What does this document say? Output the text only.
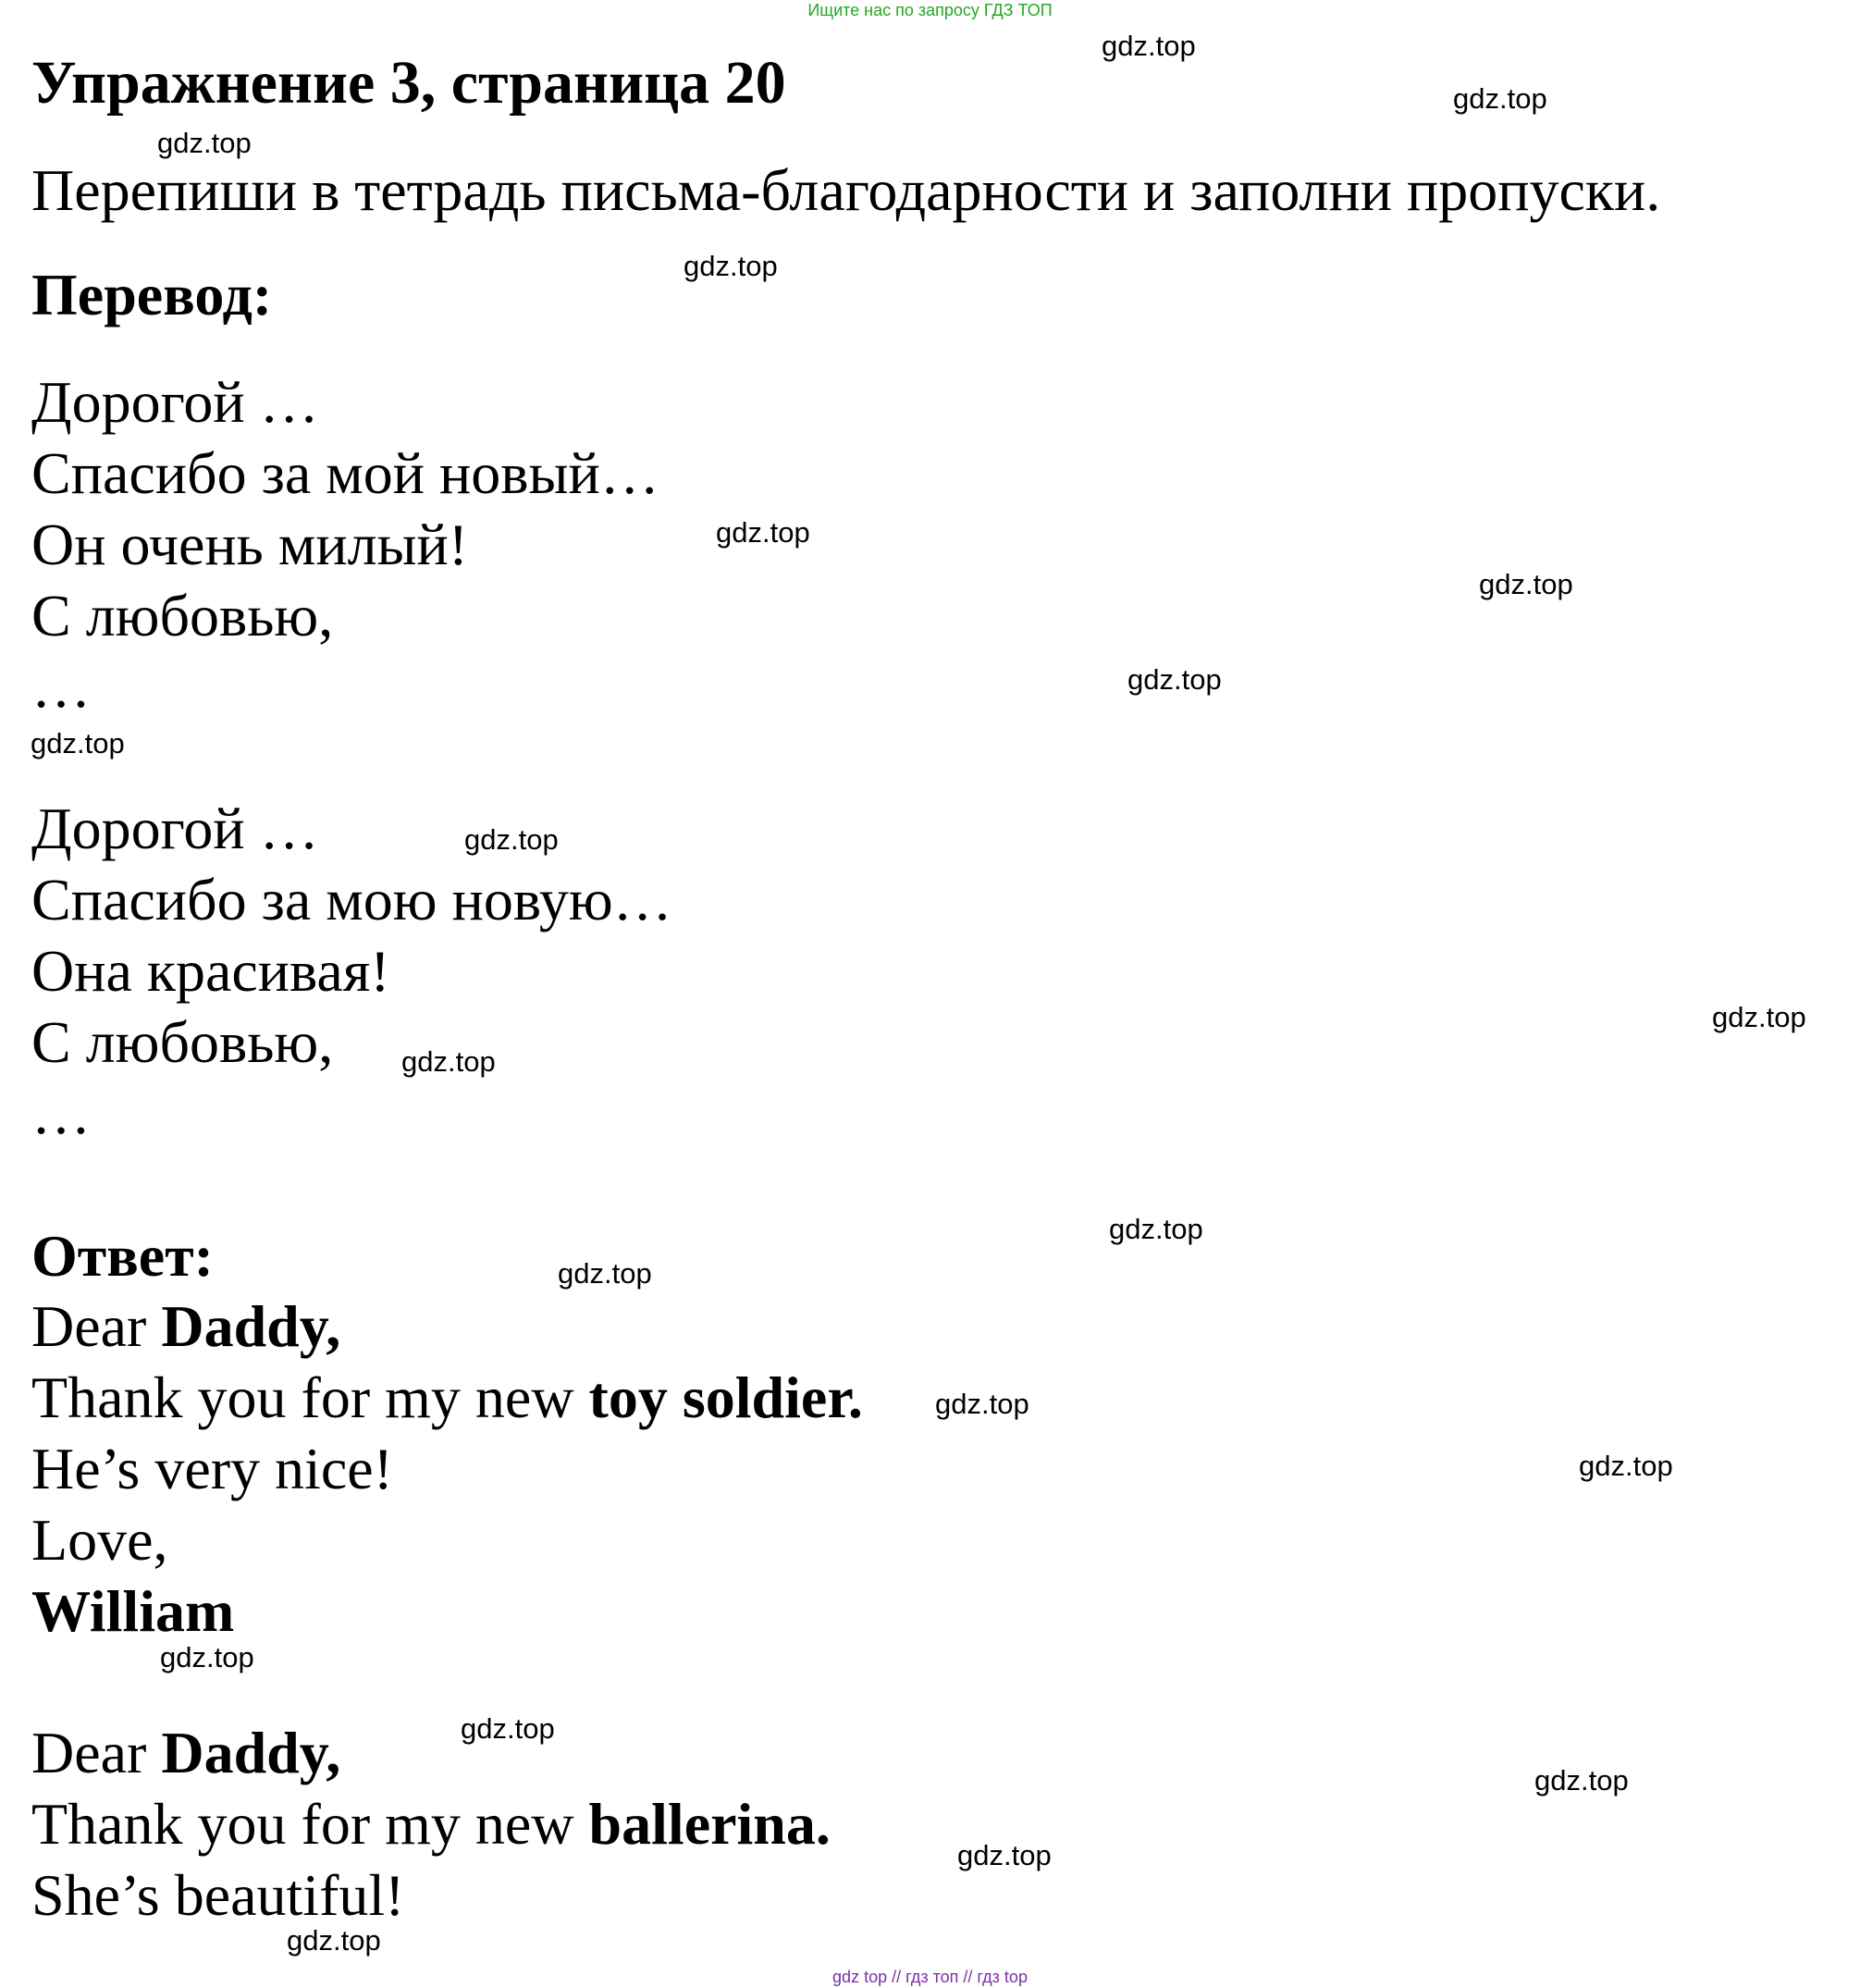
Ищите нас по запросу ГДЗ ТОП
Упражнение 3, страница 20
Перепиши в тетрадь письма-благодарности и заполни пропуски.
Перевод:
Дорогой …
Спасибо за мой новый…
Он очень милый!
С любовью,
…
Дорогой …
Спасибо за мою новую…
Она красивая!
С любовью,
…
Ответ:
Dear Daddy,
Thank you for my new toy soldier.
He’s very nice!
Love,
William
Dear Daddy,
Thank you for my new ballerina.
She’s beautiful!
gdz.top
gdz.top
gdz.top
gdz.top
gdz.top
gdz.top
gdz.top
gdz.top
gdz.top
gdz.top
gdz.top
gdz.top
gdz.top
gdz.top
gdz.top
gdz.top
gdz.top
gdz.top
gdz.top
gdz.top
gdz top // гдз топ // гдз top
